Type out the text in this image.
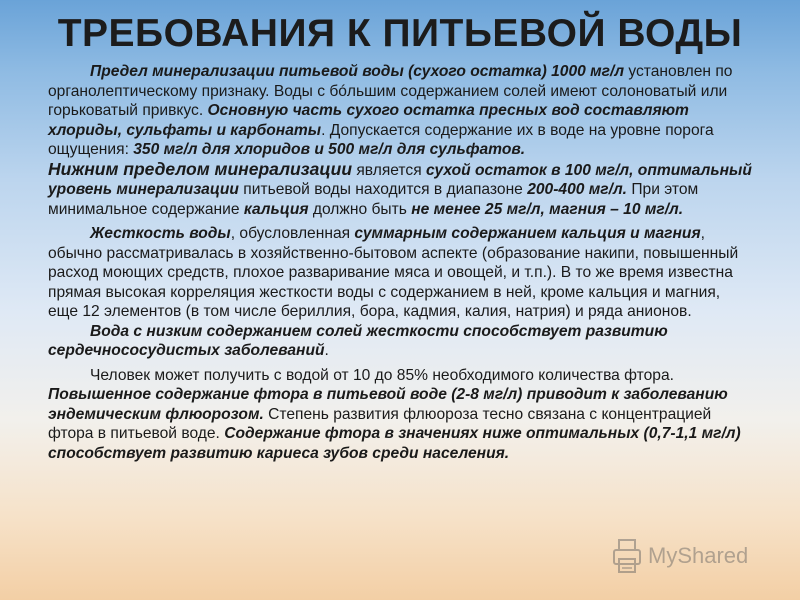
ТРЕБОВАНИЯ К ПИТЬЕВОЙ ВОДЫ

Предел минерализации питьевой воды (сухого остатка) 1000 мг/л установлен по органолептическому признаку. Воды с бóльшим содержанием солей имеют солоноватый или горьковатый привкус. Основную часть сухого остатка пресных вод составляют хлориды, сульфаты и карбонаты. Допускается содержание их в воде на уровне порога ощущения: 350 мг/л для хлоридов и 500 мг/л для сульфатов.

Нижним пределом минерализации является сухой остаток в 100 мг/л, оптимальный уровень минерализации питьевой воды находится в диапазоне 200-400 мг/л. При этом минимальное содержание кальция должно быть не менее 25 мг/л, магния – 10 мг/л.

Жесткость воды, обусловленная суммарным содержанием кальция и магния, обычно рассматривалась в хозяйственно-бытовом аспекте (образование накипи, повышенный расход моющих средств, плохое разваривание мяса и овощей, и т.п.). В то же время известна прямая высокая корреляция жесткости воды с содержанием в ней, кроме кальция и магния, еще 12 элементов (в том числе бериллия, бора, кадмия, калия, натрия) и ряда анионов.

Вода с низким содержанием солей жесткости способствует развитию сердечнососудистых заболеваний.

Человек может получить с водой от 10 до 85% необходимого количества фтора. Повышенное содержание фтора в питьевой воде (2-8 мг/л) приводит к заболеванию эндемическим флюорозом. Степень развития флюороза тесно связана с концентрацией фтора в питьевой воде. Содержание фтора в значениях ниже оптимальных (0,7-1,1 мг/л) способствует развитию кариеса зубов среди населения.

MyShared
